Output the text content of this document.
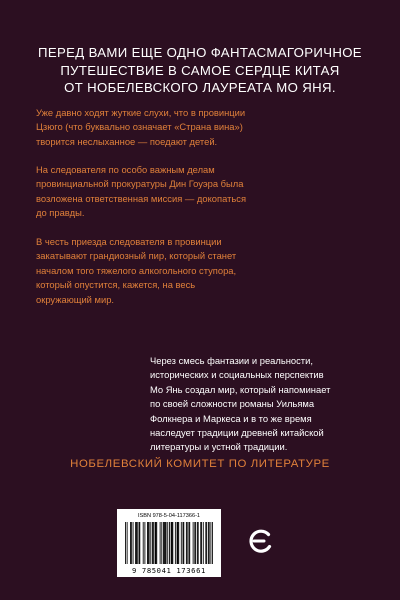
ПЕРЕД ВАМИ ЕЩЕ ОДНО ФАНТАСМАГОРИЧНОЕ
ПУТЕШЕСТВИЕ В САМОЕ СЕРДЦЕ КИТАЯ
ОТ НОБЕЛЕВСКОГО ЛАУРЕАТА МО ЯНЯ.
Уже давно ходят жуткие слухи, что в провинции
Цзюго (что буквально означает «Страна вина»)
творится неслыханное — поедают детей.
На следователя по особо важным делам
провинциальной прокуратуры Дин Гоуэра была
возложена ответственная миссия — докопаться
до правды.
В честь приезда следователя в провинции
закатывают грандиозный пир, который станет
началом того тяжелого алкогольного ступора,
который опустится, кажется, на весь
окружающий мир.
Через смесь фантазии и реальности,
исторических и социальных перспектив
Мо Янь создал мир, который напоминает
по своей сложности романы Уильяма
Фолкнера и Маркеса и в то же время
наследует традиции древней китайской
литературы и устной традиции.
НОБЕЛЕВСКИЙ КОМИТЕТ ПО ЛИТЕРАТУРЕ
ISBN 978-5-04-117366-1
9 785041 173661
